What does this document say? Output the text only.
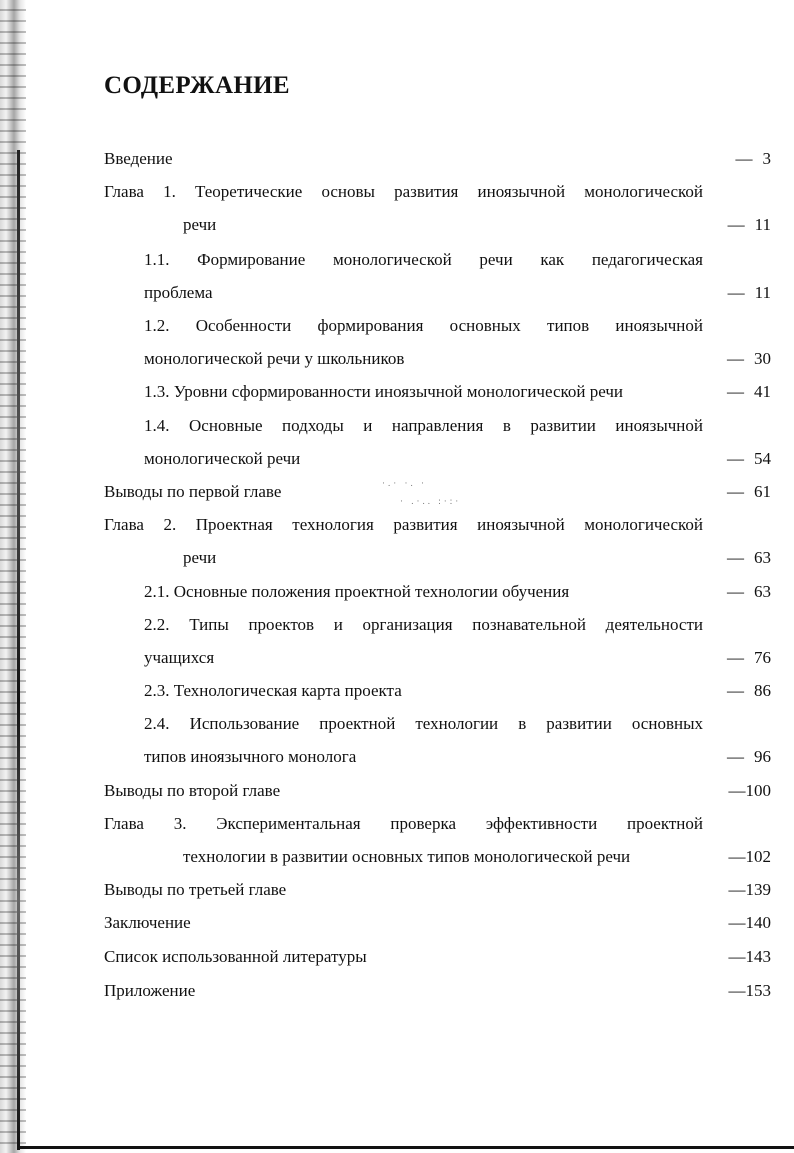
СОДЕРЖАНИЕ
Введение	— 3
Глава 1. Теоретические основы развития иноязычной монологической
речи	— 11
1.1. Формирование монологической речи как педагогическая
проблема	— 11
1.2. Особенности формирования основных типов иноязычной
монологической речи у школьников	— 30
1.3. Уровни сформированности иноязычной монологической речи	— 41
1.4. Основные подходы и направления в развитии иноязычной
монологической речи	— 54
Выводы по первой главе	— 61
·.· ·. ·
· .·.. :·:·
Глава 2. Проектная технология развития иноязычной монологической
речи	— 63
2.1. Основные положения проектной технологии обучения	— 63
2.2. Типы проектов и организация познавательной деятельности
учащихся	— 76
2.3. Технологическая карта проекта	— 86
2.4. Использование проектной технологии в развитии основных
типов иноязычного монолога	— 96
Выводы по второй главе	—100
Глава 3. Экспериментальная проверка эффективности проектной
технологии в развитии основных типов монологической речи	—102
Выводы по третьей главе	—139
Заключение	—140
Список использованной литературы	—143
Приложение	—153
